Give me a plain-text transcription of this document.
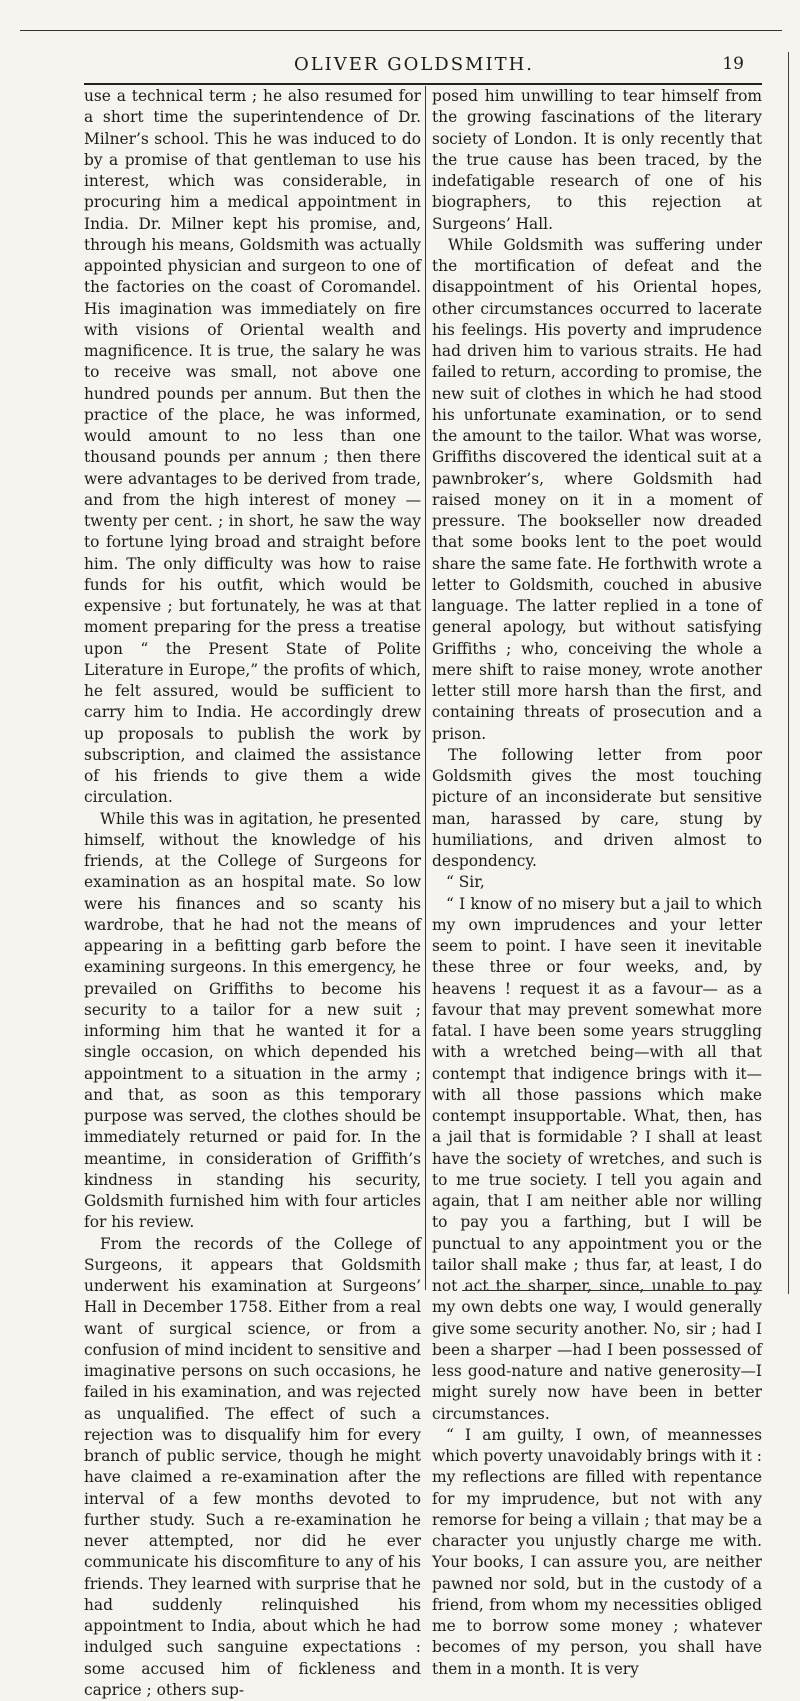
OLIVER GOLDSMITH.	19

use a technical term ; he also resumed for a short time the superintendence of Dr. Milner’s school. This he was induced to do by a promise of that gentleman to use his interest, which was considerable, in procuring him a medical appointment in India. Dr. Milner kept his promise, and, through his means, Goldsmith was actually appointed physician and surgeon to one of the factories on the coast of Coromandel. His imagination was immediately on fire with visions of Oriental wealth and magnificence. It is true, the salary he was to receive was small, not above one hundred pounds per annum. But then the practice of the place, he was informed, would amount to no less than one thousand pounds per annum ; then there were advantages to be derived from trade, and from the high interest of money —twenty per cent. ; in short, he saw the way to fortune lying broad and straight before him. The only difficulty was how to raise funds for his outfit, which would be expensive ; but fortunately, he was at that moment preparing for the press a treatise upon “ the Present State of Polite Literature in Europe,” the profits of which, he felt assured, would be sufficient to carry him to India. He accordingly drew up proposals to publish the work by subscription, and claimed the assistance of his friends to give them a wide circulation.

While this was in agitation, he presented himself, without the knowledge of his friends, at the College of Surgeons for examination as an hospital mate. So low were his finances and so scanty his wardrobe, that he had not the means of appearing in a befitting garb before the examining surgeons. In this emergency, he prevailed on Griffiths to become his security to a tailor for a new suit ; informing him that he wanted it for a single occasion, on which depended his appointment to a situation in the army ; and that, as soon as this temporary purpose was served, the clothes should be immediately returned or paid for. In the meantime, in consideration of Griffith’s kindness in standing his security, Goldsmith furnished him with four articles for his review.

From the records of the College of Surgeons, it appears that Goldsmith underwent his examination at Surgeons’ Hall in December 1758. Either from a real want of surgical science, or from a confusion of mind incident to sensitive and imaginative persons on such occasions, he failed in his examination, and was rejected as unqualified. The effect of such a rejection was to disqualify him for every branch of public service, though he might have claimed a re-examination after the interval of a few months devoted to further study. Such a re-examination he never attempted, nor did he ever communicate his discomfiture to any of his friends. They learned with surprise that he had suddenly relinquished his appointment to India, about which he had indulged such sanguine expectations : some accused him of fickleness and caprice ; others sup-

posed him unwilling to tear himself from the growing fascinations of the literary society of London. It is only recently that the true cause has been traced, by the indefatigable research of one of his biographers, to this rejection at Surgeons’ Hall.

While Goldsmith was suffering under the mortification of defeat and the disappointment of his Oriental hopes, other circumstances occurred to lacerate his feelings. His poverty and imprudence had driven him to various straits. He had failed to return, according to promise, the new suit of clothes in which he had stood his unfortunate examination, or to send the amount to the tailor. What was worse, Griffiths discovered the identical suit at a pawnbroker’s, where Goldsmith had raised money on it in a moment of pressure. The bookseller now dreaded that some books lent to the poet would share the same fate. He forthwith wrote a letter to Goldsmith, couched in abusive language. The latter replied in a tone of general apology, but without satisfying Griffiths ; who, conceiving the whole a mere shift to raise money, wrote another letter still more harsh than the first, and containing threats of prosecution and a prison.

The following letter from poor Goldsmith gives the most touching picture of an inconsiderate but sensitive man, harassed by care, stung by humiliations, and driven almost to despondency.

“ Sir,

“ I know of no misery but a jail to which my own imprudences and your letter seem to point. I have seen it inevitable these three or four weeks, and, by heavens ! request it as a favour— as a favour that may prevent somewhat more fatal. I have been some years struggling with a wretched being—with all that contempt that indigence brings with it—with all those passions which make contempt insupportable. What, then, has a jail that is formidable ? I shall at least have the society of wretches, and such is to me true society. I tell you again and again, that I am neither able nor willing to pay you a farthing, but I will be punctual to any appointment you or the tailor shall make ; thus far, at least, I do not act the sharper, since, unable to pay my own debts one way, I would generally give some security another. No, sir ; had I been a sharper —had I been possessed of less good-nature and native generosity—I might surely now have been in better circumstances.

“ I am guilty, I own, of meannesses which poverty unavoidably brings with it : my reflections are filled with repentance for my imprudence, but not with any remorse for being a villain ; that may be a character you unjustly charge me with. Your books, I can assure you, are neither pawned nor sold, but in the custody of a friend, from whom my necessities obliged me to borrow some money ; whatever becomes of my person, you shall have them in a month. It is very
